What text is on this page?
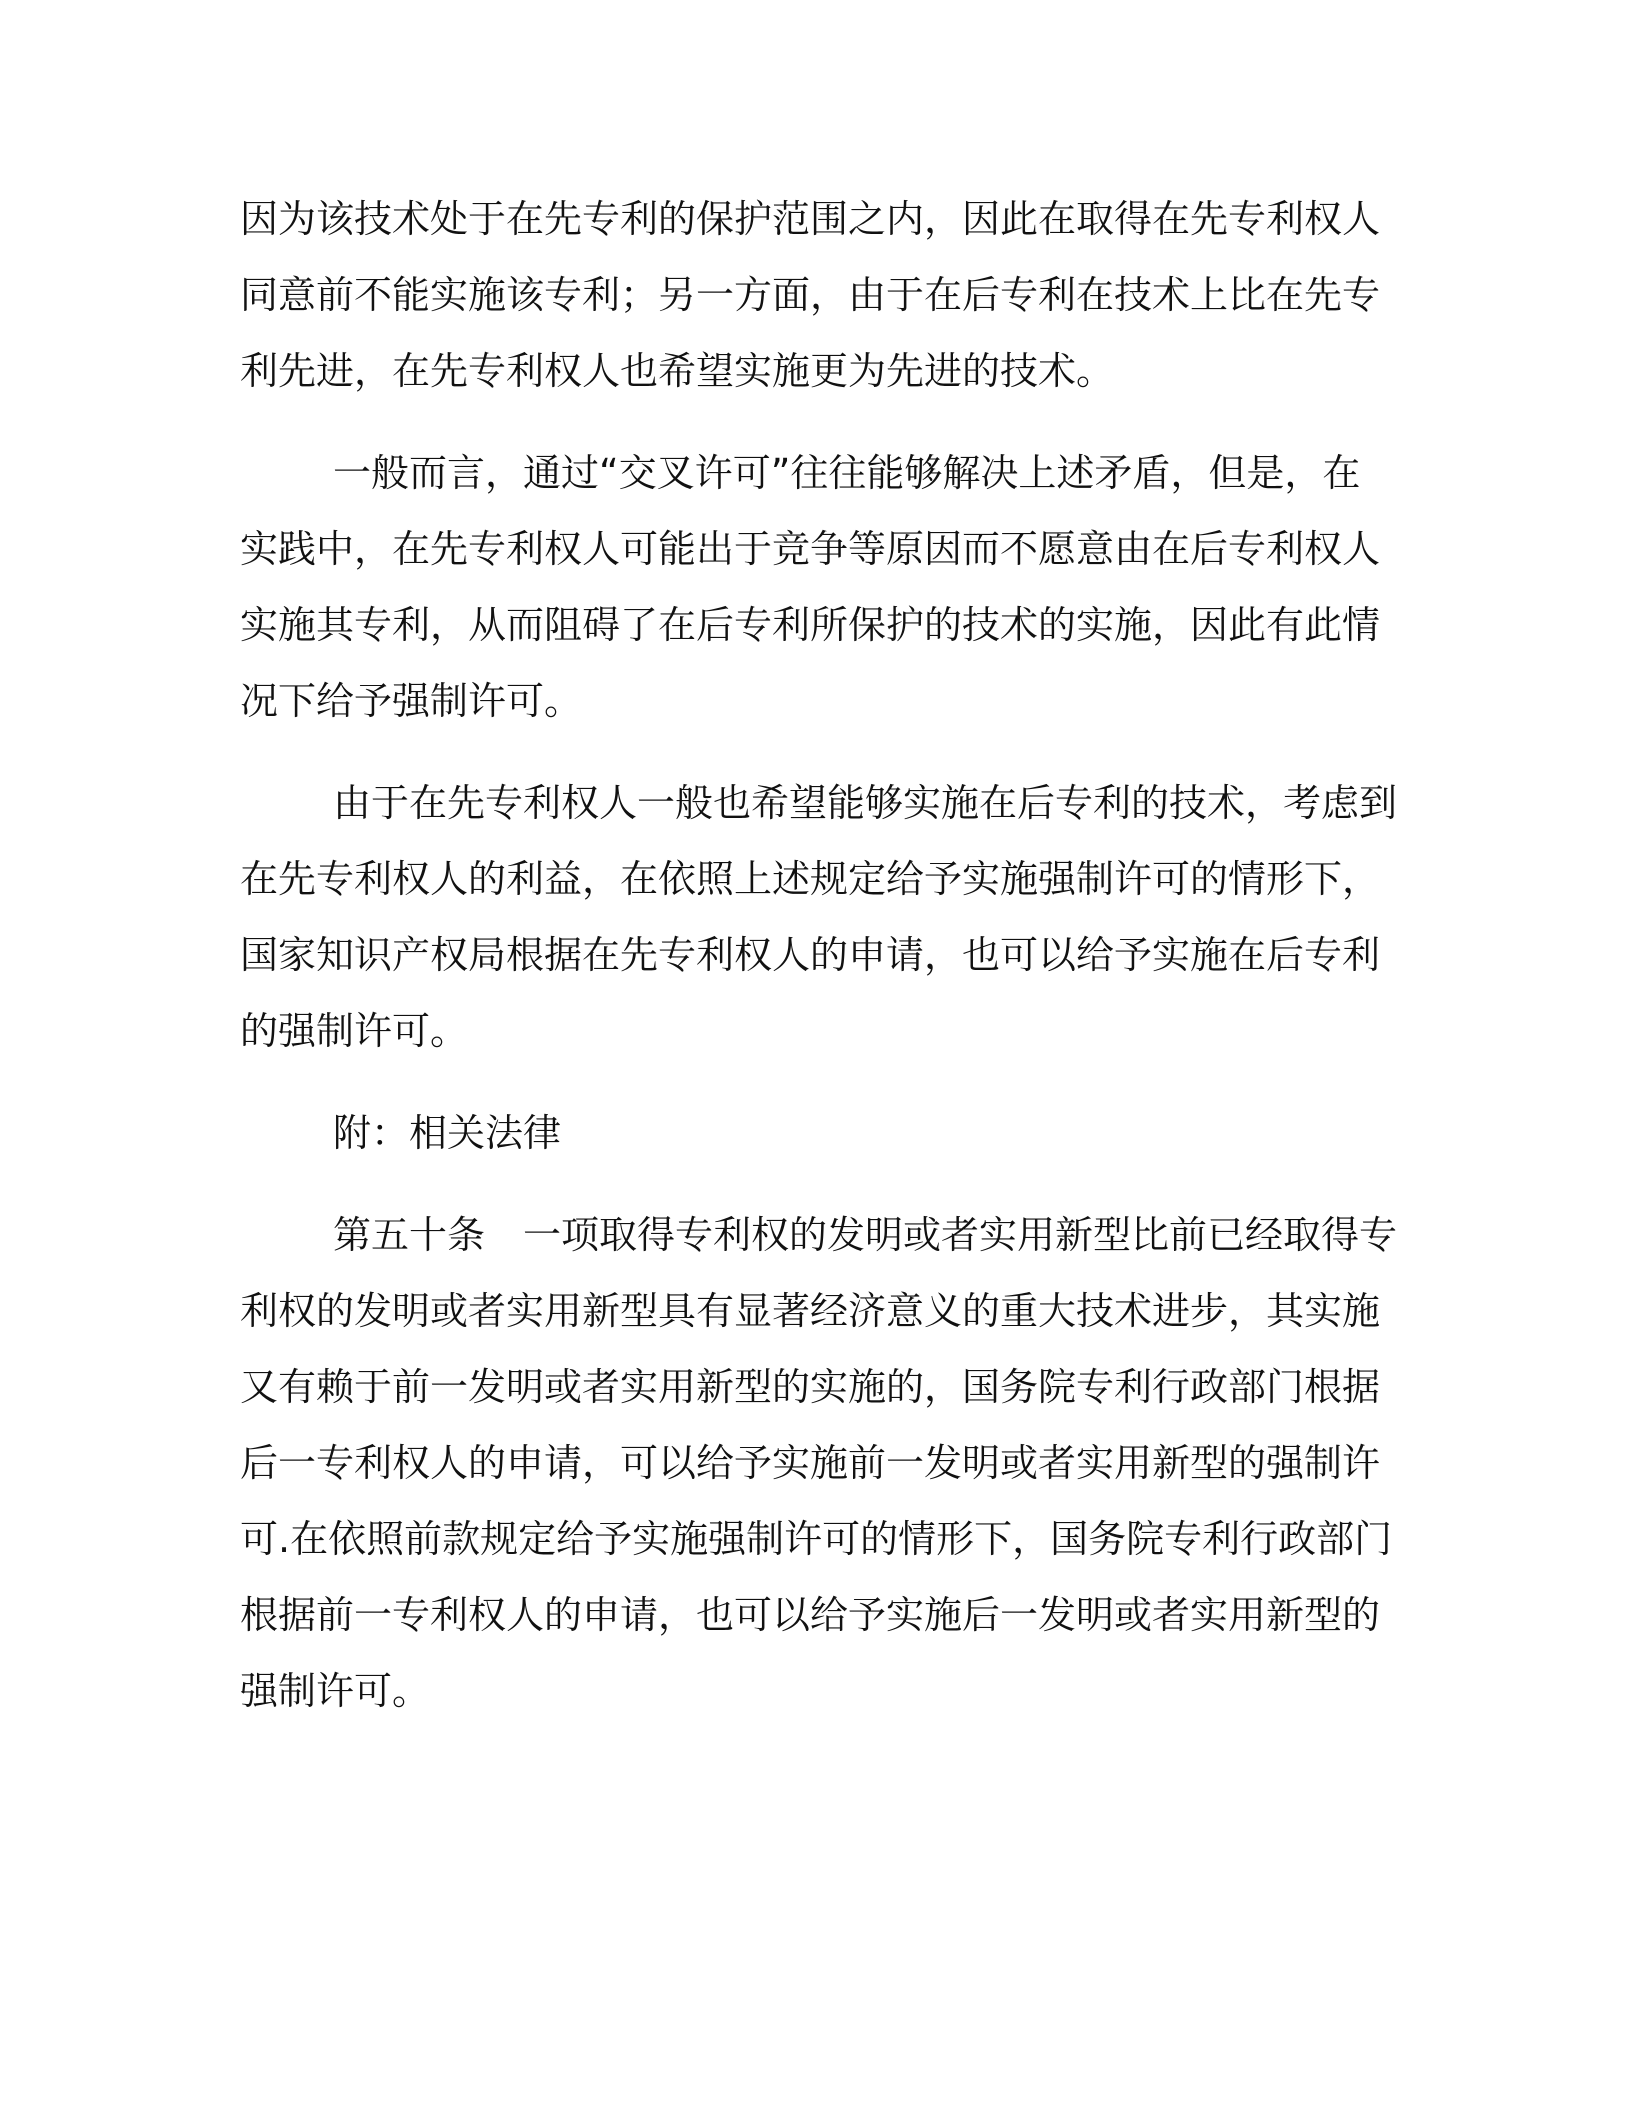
因为该技术处于在先专利的保护范围之内，因此在取得在先专利权人

同意前不能实施该专利；另一方面，由于在后专利在技术上比在先专

利先进，在先专利权人也希望实施更为先进的技术。

一般而言，通过“交叉许可”往往能够解决上述矛盾，但是，在

实践中，在先专利权人可能出于竞争等原因而不愿意由在后专利权人

实施其专利，从而阻碍了在后专利所保护的技术的实施，因此有此情

况下给予强制许可。

由于在先专利权人一般也希望能够实施在后专利的技术，考虑到

在先专利权人的利益，在依照上述规定给予实施强制许可的情形下，

国家知识产权局根据在先专利权人的申请，也可以给予实施在后专利

的强制许可。

附：相关法律

第五十条　一项取得专利权的发明或者实用新型比前已经取得专

利权的发明或者实用新型具有显著经济意义的重大技术进步，其实施

又有赖于前一发明或者实用新型的实施的，国务院专利行政部门根据

后一专利权人的申请，可以给予实施前一发明或者实用新型的强制许

可.在依照前款规定给予实施强制许可的情形下，国务院专利行政部门

根据前一专利权人的申请，也可以给予实施后一发明或者实用新型的

强制许可。
